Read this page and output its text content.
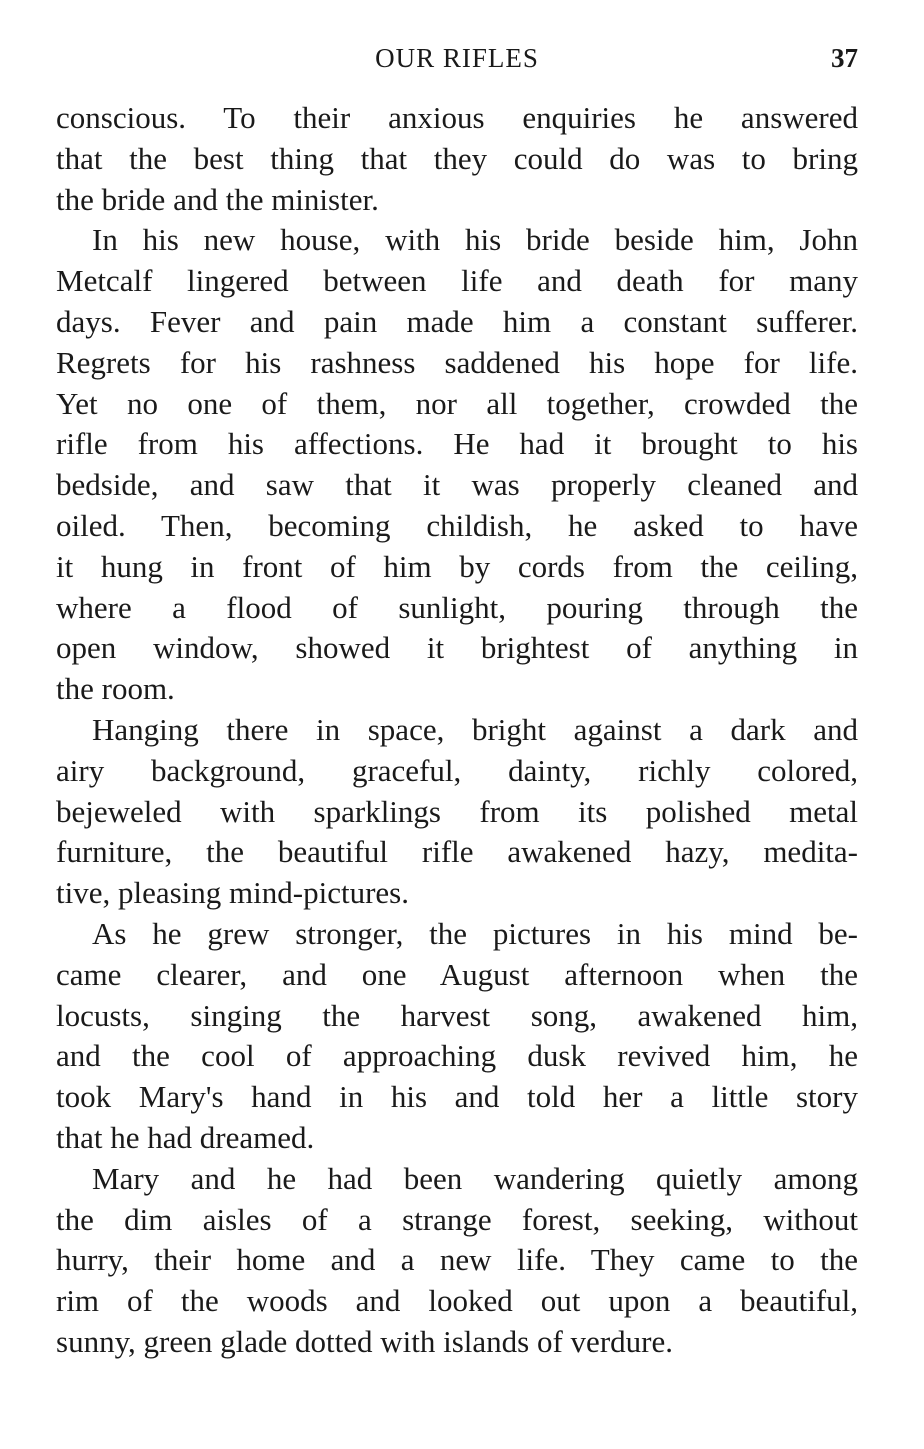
OUR RIFLES	37
conscious. To their anxious enquiries he answered
that the best thing that they could do was to bring
the bride and the minister.
In his new house, with his bride beside him, John
Metcalf lingered between life and death for many
days. Fever and pain made him a constant sufferer.
Regrets for his rashness saddened his hope for life.
Yet no one of them, nor all together, crowded the
rifle from his affections. He had it brought to his
bedside, and saw that it was properly cleaned and
oiled. Then, becoming childish, he asked to have
it hung in front of him by cords from the ceiling,
where a flood of sunlight, pouring through the
open window, showed it brightest of anything in
the room.
Hanging there in space, bright against a dark and
airy background, graceful, dainty, richly colored,
bejeweled with sparklings from its polished metal
furniture, the beautiful rifle awakened hazy, medita-
tive, pleasing mind-pictures.
As he grew stronger, the pictures in his mind be-
came clearer, and one August afternoon when the
locusts, singing the harvest song, awakened him,
and the cool of approaching dusk revived him, he
took Mary's hand in his and told her a little story
that he had dreamed.
Mary and he had been wandering quietly among
the dim aisles of a strange forest, seeking, without
hurry, their home and a new life. They came to the
rim of the woods and looked out upon a beautiful,
sunny, green glade dotted with islands of verdure.
